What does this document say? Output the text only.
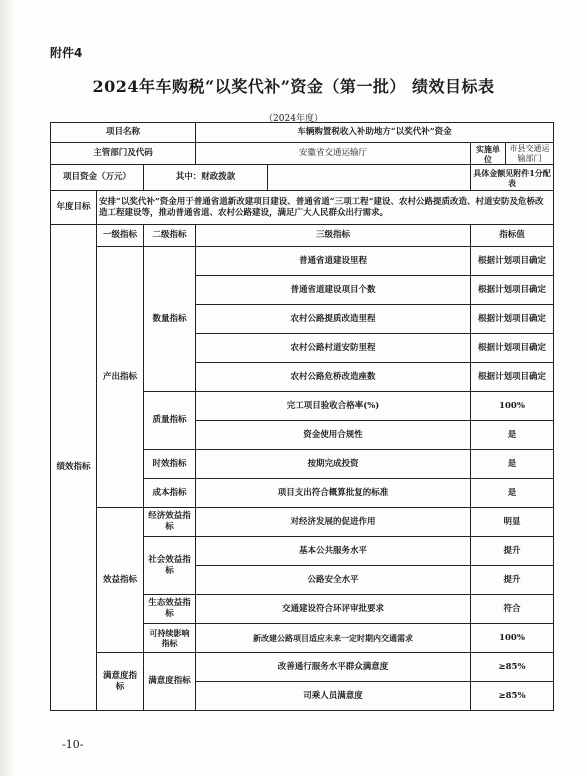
附件4
2024年车购税“以奖代补”资金（第一批） 绩效目标表
（2024年度）
项目名称			车辆购置税收入补助地方“以奖代补”资金			
主管部门及代码			安徽省交通运输厅		实施单位	市县交通运输部门
项目资金（万元）		其中：财政拨款			具体金额见附件1分配表	
年度目标	安排“以奖代补”资金用于普通省道新改建项目建设、普通省道“三项工程”建设、农村公路提质改造、村道安防及危桥改造工程建设等，推动普通省道、农村公路建设，满足广大人民群众出行需求。					
绩效指标	一级指标	二级指标	三级指标		指标值	
	产出指标	数量指标	普通省道建设里程		根据计划项目确定	
			普通省道建设项目个数		根据计划项目确定	
			农村公路提质改造里程		根据计划项目确定	
			农村公路村道安防里程		根据计划项目确定	
			农村公路危桥改造座数		根据计划项目确定	
		质量指标	完工项目验收合格率(%)		100%	
			资金使用合规性		是	
		时效指标	按期完成投资		是	
		成本指标	项目支出符合概算批复的标准		是	
	效益指标	经济效益指标	对经济发展的促进作用		明显	
		社会效益指标	基本公共服务水平		提升	
			公路安全水平		提升	
		生态效益指标	交通建设符合环评审批要求		符合	
		可持续影响指标	新改建公路项目适应未来一定时期内交通需求		100%	
	满意度指标	满意度指标	改善通行服务水平群众满意度		≥85%	
			司乘人员满意度		≥85%	
-10-
